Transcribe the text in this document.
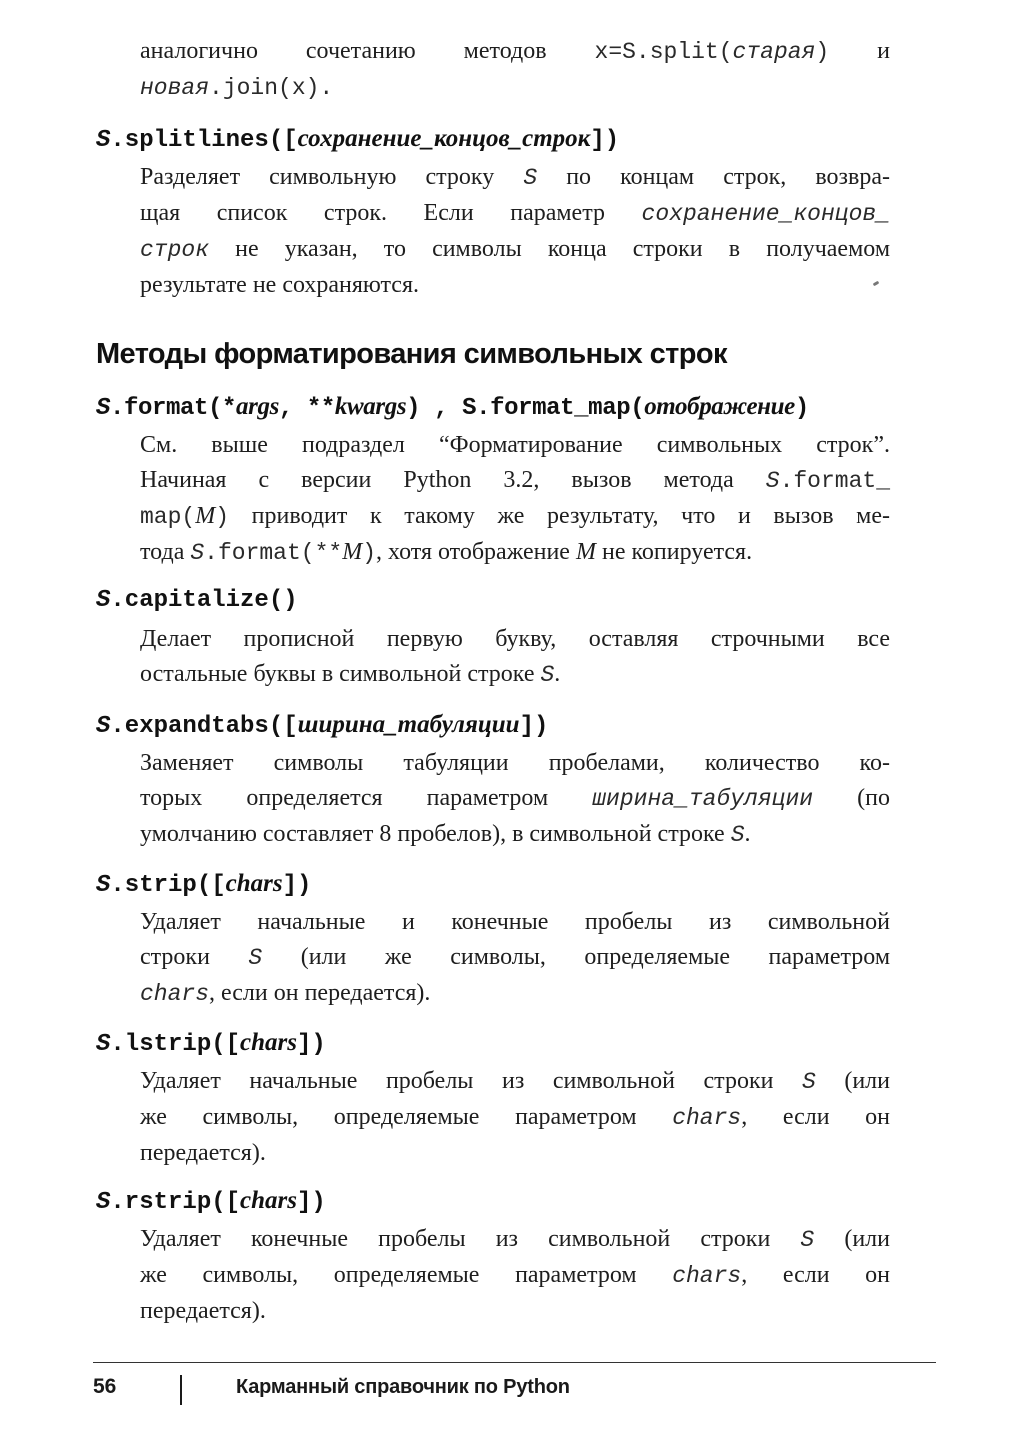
аналогично сочетанию методов x=S.split(старая) и
новая.join(x).
S.splitlines([сохранение_концов_строк])
Разделяет символьную строку S по концам строк, возвра-
щая список строк. Если параметр сохранение_концов_
строк не указан, то символы конца строки в получаемом
результате не сохраняются.
Методы форматирования символьных строк
S.format(*args, **kwargs) , S.format_map(отображение)
См. выше подраздел “Форматирование символьных строк”.
Начиная с версии Python 3.2, вызов метода S.format_
map(M) приводит к такому же результату, что и вызов ме-
тода S.format(**M), хотя отображение M не копируется.
S.capitalize()
Делает прописной первую букву, оставляя строчными все
остальные буквы в символьной строке S.
S.expandtabs([ширина_табуляции])
Заменяет символы табуляции пробелами, количество ко-
торых определяется параметром ширина_табуляции (по
умолчанию составляет 8 пробелов), в символьной строке S.
S.strip([chars])
Удаляет начальные и конечные пробелы из символьной
строки S (или же символы, определяемые параметром
chars, если он передается).
S.lstrip([chars])
Удаляет начальные пробелы из символьной строки S (или
же символы, определяемые параметром chars, если он
передается).
S.rstrip([chars])
Удаляет конечные пробелы из символьной строки S (или
же символы, определяемые параметром chars, если он
передается).
56	Карманный справочник по Python
